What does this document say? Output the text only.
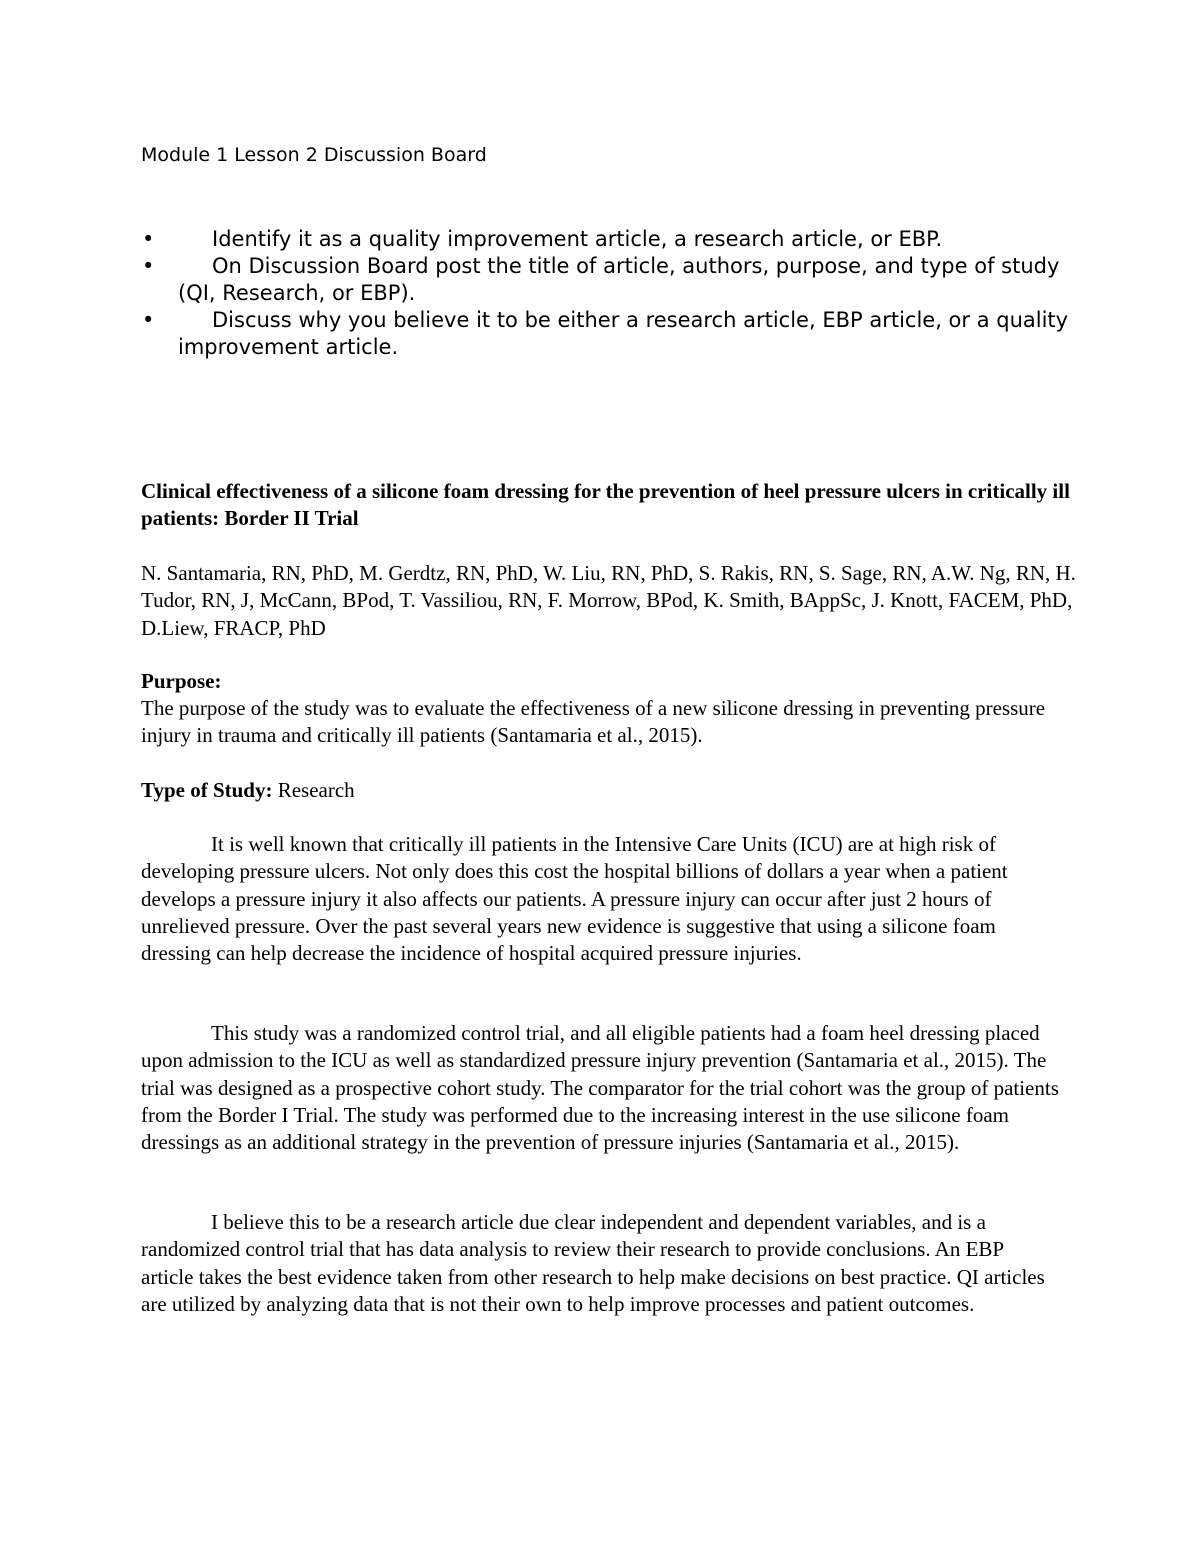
Module 1 Lesson 2 Discussion Board
•	Identify it as a quality improvement article, a research article, or EBP.
•	On Discussion Board post the title of article, authors, purpose, and type of study (QI, Research, or EBP).
•	Discuss why you believe it to be either a research article, EBP article, or a quality improvement article.
Clinical effectiveness of a silicone foam dressing for the prevention of heel pressure ulcers in critically ill patients: Border II Trial
N. Santamaria, RN, PhD, M. Gerdtz, RN, PhD, W. Liu, RN, PhD, S. Rakis, RN, S. Sage, RN, A.W. Ng, RN, H. Tudor, RN, J, McCann, BPod, T. Vassiliou, RN, F. Morrow, BPod, K. Smith, BAppSc, J. Knott, FACEM, PhD, D.Liew, FRACP, PhD
Purpose:
The purpose of the study was to evaluate the effectiveness of a new silicone dressing in preventing pressure injury in trauma and critically ill patients (Santamaria et al., 2015).
Type of Study: Research
It is well known that critically ill patients in the Intensive Care Units (ICU) are at high risk of developing pressure ulcers. Not only does this cost the hospital billions of dollars a year when a patient develops a pressure injury it also affects our patients. A pressure injury can occur after just 2 hours of unrelieved pressure. Over the past several years new evidence is suggestive that using a silicone foam dressing can help decrease the incidence of hospital acquired pressure injuries.
This study was a randomized control trial, and all eligible patients had a foam heel dressing placed upon admission to the ICU as well as standardized pressure injury prevention (Santamaria et al., 2015). The trial was designed as a prospective cohort study. The comparator for the trial cohort was the group of patients from the Border I Trial. The study was performed due to the increasing interest in the use silicone foam dressings as an additional strategy in the prevention of pressure injuries (Santamaria et al., 2015).
I believe this to be a research article due clear independent and dependent variables, and is a randomized control trial that has data analysis to review their research to provide conclusions. An EBP article takes the best evidence taken from other research to help make decisions on best practice. QI articles are utilized by analyzing data that is not their own to help improve processes and patient outcomes.
